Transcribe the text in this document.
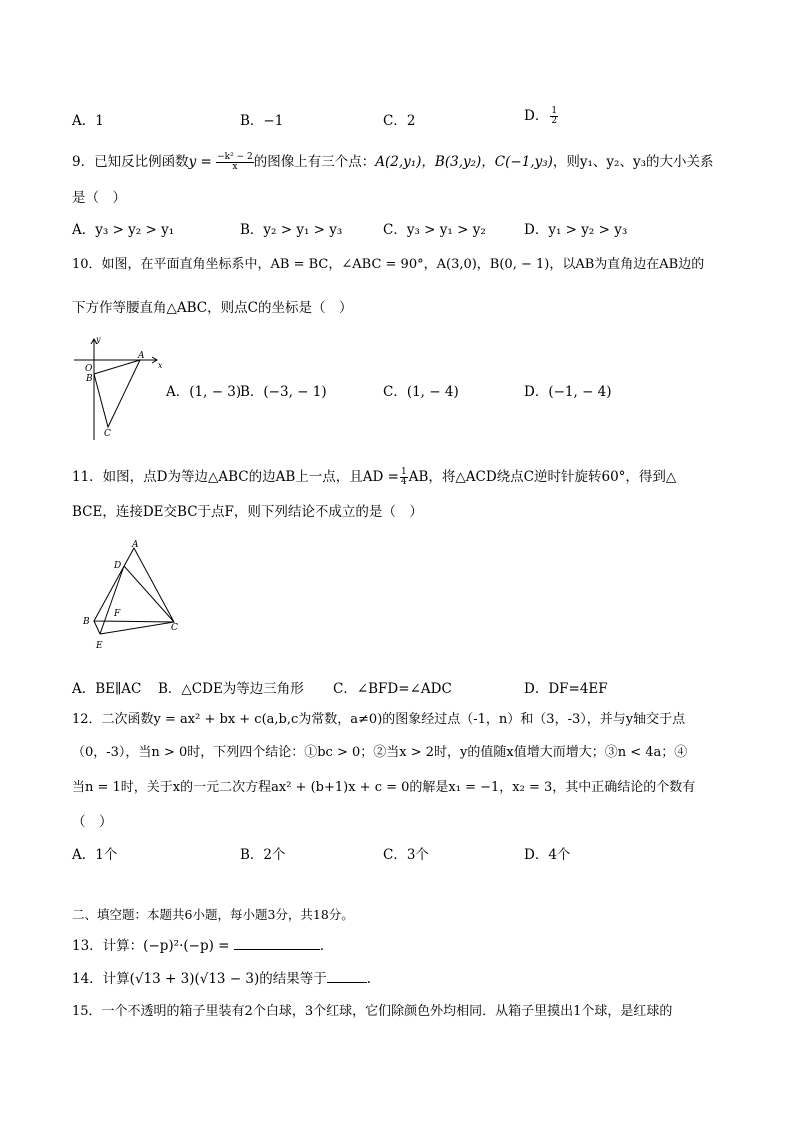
A．1	B．−1	C．2	D． $\frac{1}{2}$
9．已知反比例函数$y = \frac{\text{−k² − 2}}{x}$ 的图像上有三个点：A(2,y₁)，B(3,y₂)，C(−1,y₃)，则y₁、y₂、y₃的大小关系
是（　）
A．y₃ > y₂ > y₁	B．y₂ > y₁ > y₃	C．y₃ > y₁ > y₂	D．y₁ > y₂ > y₃
10．如图，在平面直角坐标系中，AB = BC，∠ABC = 90°，A(3,0)，B(0, − 1)，以AB为直角边在AB边的
下方作等腰直角△ABC，则点C的坐标是（　）
y
x
O
A
B
C
A．(1, − 3)
B．(−3, − 1)	C．(1, − 4)	D．(−1, − 4)
11．如图，点D为等边△ABC的边AB上一点，且AD = $\frac{1}{4}$ AB，将△ACD绕点C逆时针旋转60°，得到△
BCE，连接DE交BC于点F，则下列结论不成立的是（　）
A
D
F
B
C
E
A．BE∥AC B．△CDE为等边三角形 C．∠BFD=∠ADC	D．DF=4EF
12．二次函数y = ax² + bx + c(a,b,c为常数，a≠0)的图象经过点（-1，n）和（3，-3），并与y轴交于点
（0，-3），当n > 0时，下列四个结论：①bc > 0；②当x > 2时，y的值随x值增大而增大；③n < 4a；④
当n = 1时，关于x的一元二次方程ax² + (b+1)x + c = 0的解是x₁ = −1，x₂ = 3，其中正确结论的个数有
（　）
A．1个	B．2个	C．3个	D．4个
二、填空题：本题共6小题，每小题3分，共18分。
13．计算：(−p)²·(−p) =	.
14．计算(√13 + 3)(√13 − 3)的结果等于	.
15．一个不透明的箱子里装有2个白球，3个红球，它们除颜色外均相同．从箱子里摸出1个球，是红球的
